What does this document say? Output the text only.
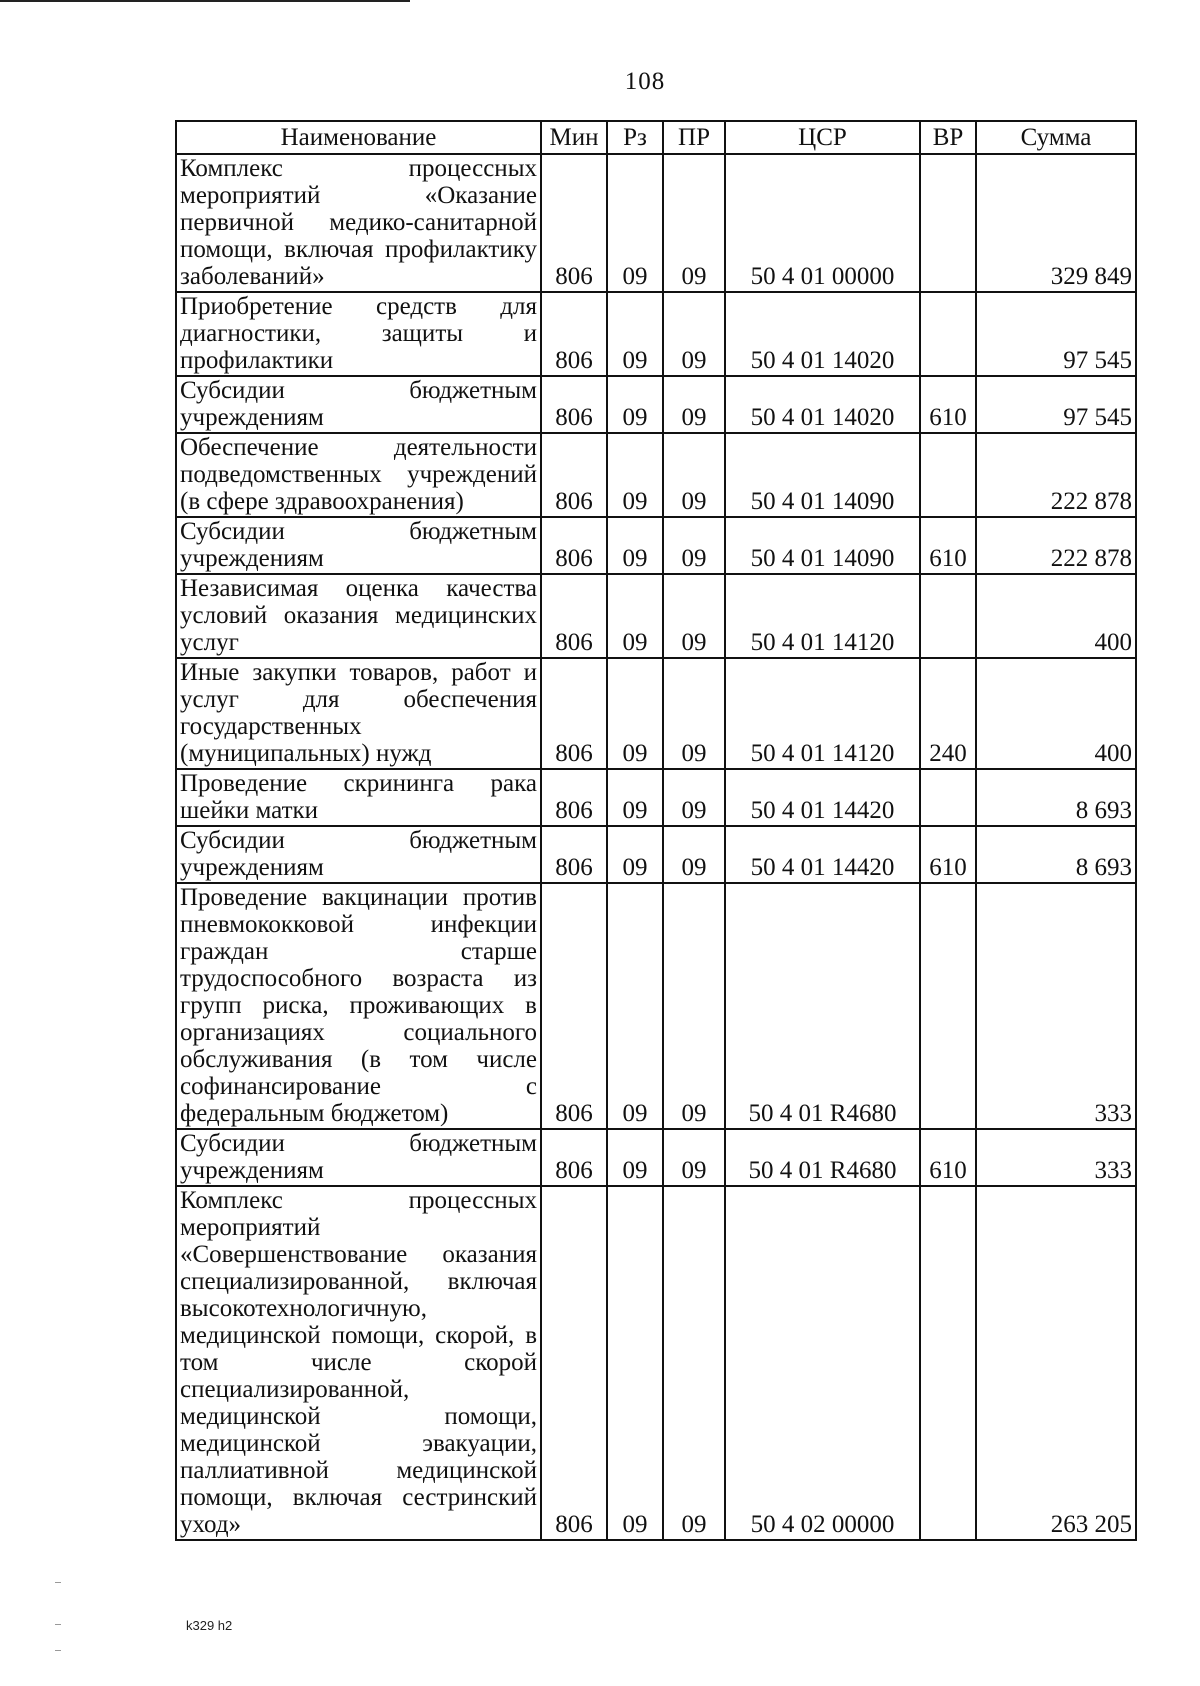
108
Наименование	Мин	Рз	ПР	ЦСР	ВР	Сумма
Комплекс процессных мероприятий «Оказание первичной медико-санитарной помощи, включая профилактику заболеваний»	806	09	09	50 4 01 00000		329 849
Приобретение средств для диагностики, защиты и профилактики	806	09	09	50 4 01 14020		97 545
Субсидии бюджетным учреждениям	806	09	09	50 4 01 14020	610	97 545
Обеспечение деятельности подведомственных учреждений (в сфере здравоохранения)	806	09	09	50 4 01 14090		222 878
Субсидии бюджетным учреждениям	806	09	09	50 4 01 14090	610	222 878
Независимая оценка качества условий оказания медицинских услуг	806	09	09	50 4 01 14120		400
Иные закупки товаров, работ и услуг для обеспечения государственных (муниципальных) нужд	806	09	09	50 4 01 14120	240	400
Проведение скрининга рака шейки матки	806	09	09	50 4 01 14420		8 693
Субсидии бюджетным учреждениям	806	09	09	50 4 01 14420	610	8 693
Проведение вакцинации против пневмококковой инфекции граждан старше трудоспособного возраста из групп риска, проживающих в организациях социального обслуживания (в том числе софинансирование с федеральным бюджетом)	806	09	09	50 4 01 R4680		333
Субсидии бюджетным учреждениям	806	09	09	50 4 01 R4680	610	333
Комплекс процессных мероприятий «Совершенствование оказания специализированной, включая высокотехнологичную, медицинской помощи, скорой, в том числе скорой специализированной, медицинской помощи, медицинской эвакуации, паллиативной медицинской помощи, включая сестринский уход»	806	09	09	50 4 02 00000		263 205
k329 h2
